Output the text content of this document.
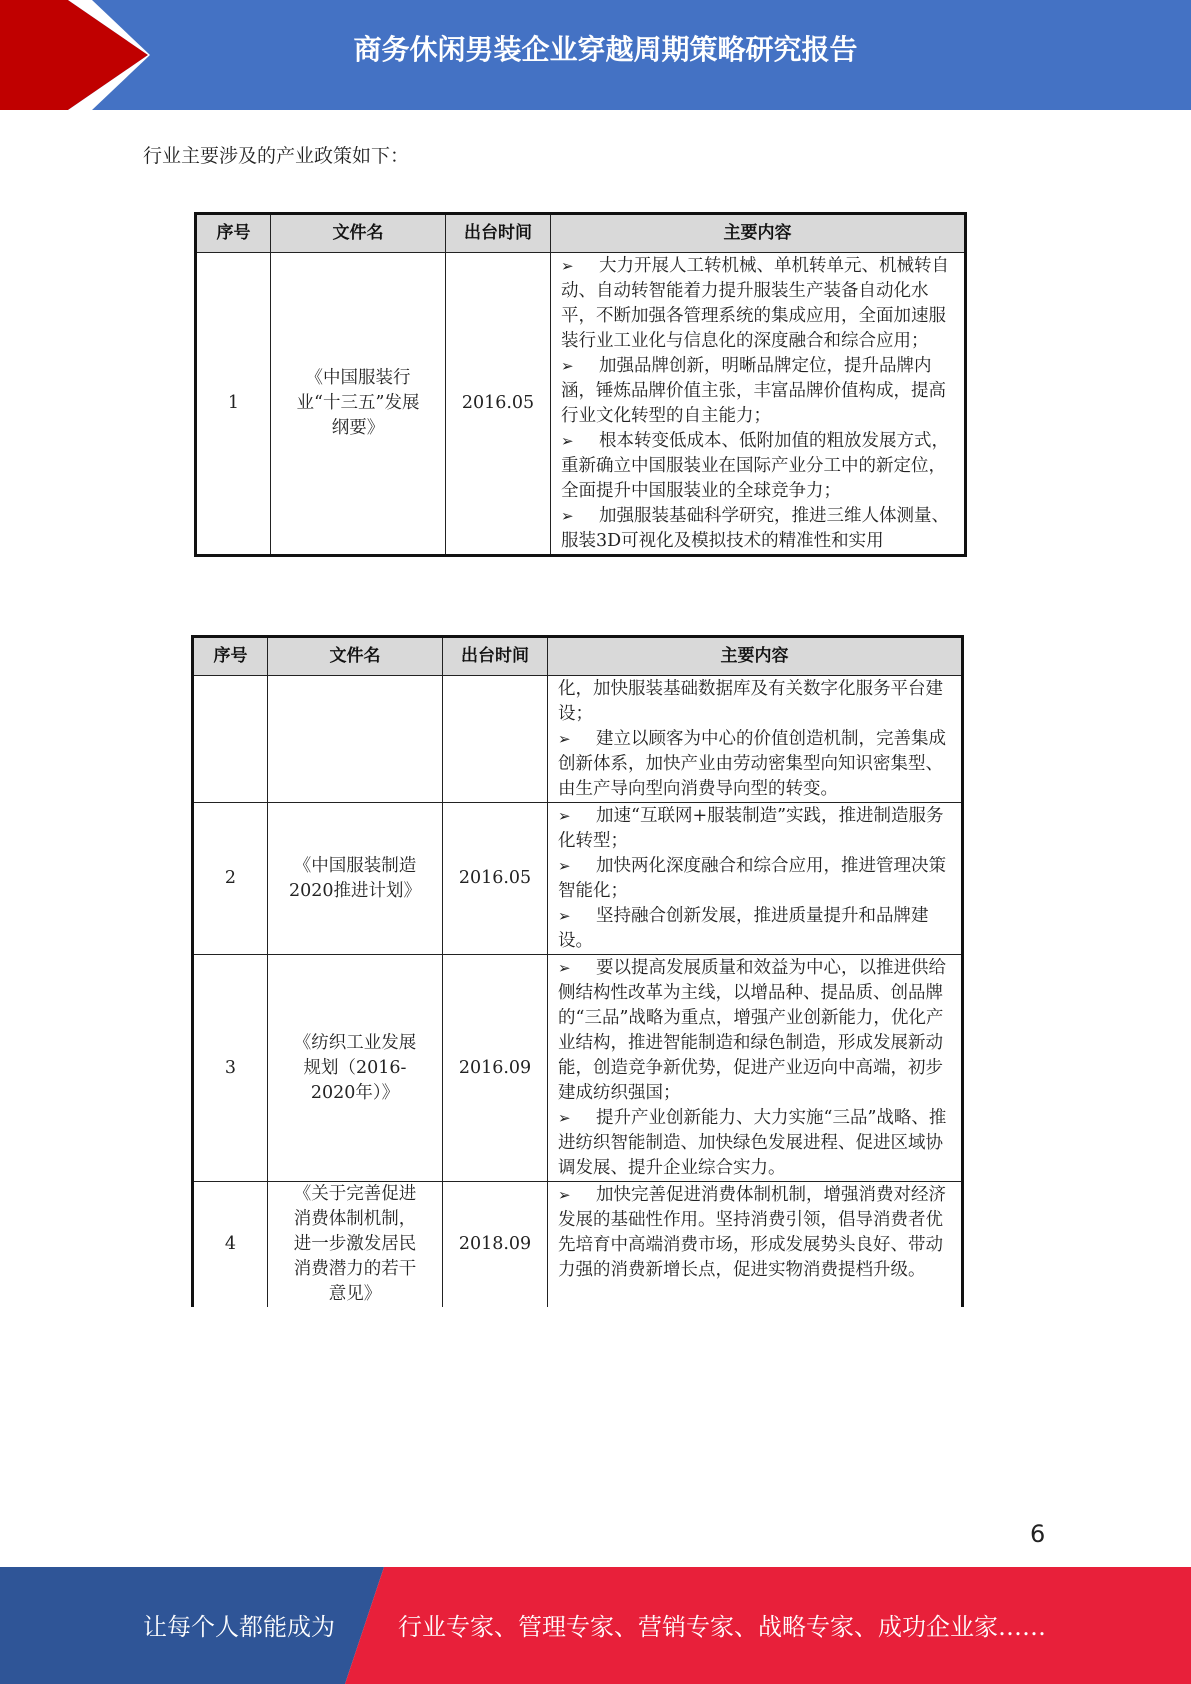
商务休闲男装企业穿越周期策略研究报告
行业主要涉及的产业政策如下：
序号	文件名	出台时间	主要内容
1	《中国服装行业“十三五”发展纲要》	2016.05	➢ 大力开展人工转机械、单机转单元、机械转自动、自动转智能着力提升服装生产装备自动化水平，不断加强各管理系统的集成应用，全面加速服装行业工业化与信息化的深度融合和综合应用；

➢ 加强品牌创新，明晰品牌定位，提升品牌内涵，锤炼品牌价值主张，丰富品牌价值构成，提高行业文化转型的自主能力；

➢ 根本转变低成本、低附加值的粗放发展方式，重新确立中国服装业在国际产业分工中的新定位，全面提升中国服装业的全球竞争力；

➢ 加强服装基础科学研究，推进三维人体测量、服装3D可视化及模拟技术的精准性和实用

序号	文件名	出台时间	主要内容

			化，加快服装基础数据库及有关数字化服务平台建设；

➢ 建立以顾客为中心的价值创造机制，完善集成创新体系，加快产业由劳动密集型向知识密集型、由生产导向型向消费导向型的转变。

2	《中国服装制造2020推进计划》	2016.05	➢ 加速“互联网+服装制造”实践，推进制造服务化转型；

➢ 加快两化深度融合和综合应用，推进管理决策智能化；

➢ 坚持融合创新发展，推进质量提升和品牌建设。

3	《纺织工业发展规划（2016-2020年）》	2016.09	➢ 要以提高发展质量和效益为中心，以推进供给侧结构性改革为主线，以增品种、提品质、创品牌的“三品”战略为重点，增强产业创新能力，优化产业结构，推进智能制造和绿色制造，形成发展新动能，创造竞争新优势，促进产业迈向中高端，初步建成纺织强国；

➢ 提升产业创新能力、大力实施“三品”战略、推进纺织智能制造、加快绿色发展进程、促进区域协调发展、提升企业综合实力。

4	《关于完善促进消费体制机制，进一步激发居民消费潜力的若干意见》	2018.09	➢ 加快完善促进消费体制机制，增强消费对经济发展的基础性作用。坚持消费引领，倡导消费者优先培育中高端消费市场，形成发展势头良好、带动力强的消费新增长点，促进实物消费提档升级。

6
让每个人都能成为	行业专家、管理专家、营销专家、战略专家、成功企业家……
